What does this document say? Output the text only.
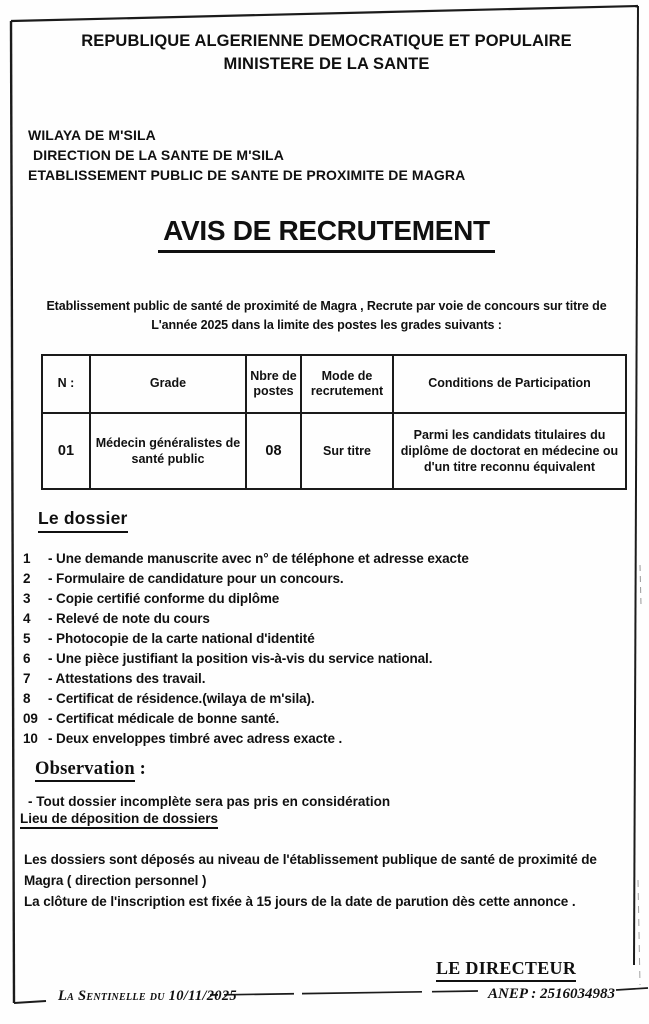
REPUBLIQUE ALGERIENNE DEMOCRATIQUE ET POPULAIRE
MINISTERE DE LA SANTE
WILAYA DE M'SILA
DIRECTION DE LA SANTE DE M'SILA
ETABLISSEMENT PUBLIC DE SANTE DE PROXIMITE DE MAGRA
AVIS DE RECRUTEMENT
Etablissement public de santé de proximité de Magra , Recrute par voie de concours sur titre de
L'année 2025 dans la limite des postes les grades suivants :
N :	Grade	Nbre de postes	Mode de recrutement	Conditions de Participation
01	Médecin généralistes de santé public	08	Sur titre	Parmi les candidats titulaires du diplôme de doctorat en médecine ou d'un titre reconnu équivalent
Le dossier
1	- Une demande manuscrite avec n° de téléphone et adresse exacte
2	- Formulaire de candidature pour un concours.
3	- Copie certifié conforme du diplôme
4	- Relevé de note du cours
5	- Photocopie de la carte national d'identité
6	- Une pièce justifiant la position vis-à-vis du service national.
7	- Attestations des travail.
8	- Certificat de résidence.(wilaya de m'sila).
09 - Certificat médicale de bonne santé.
10 - Deux enveloppes timbré avec adress exacte .
Observation :
- Tout dossier incomplète sera pas pris en considération
Lieu de déposition de dossiers
Les dossiers sont déposés au niveau de l'établissement publique de santé de proximité de
Magra ( direction personnel )
La clôture de l'inscription est fixée à 15 jours de la date de parution dès cette annonce .
LE DIRECTEUR
La Sentinelle du 10/11/2025	ANEP : 2516034983
